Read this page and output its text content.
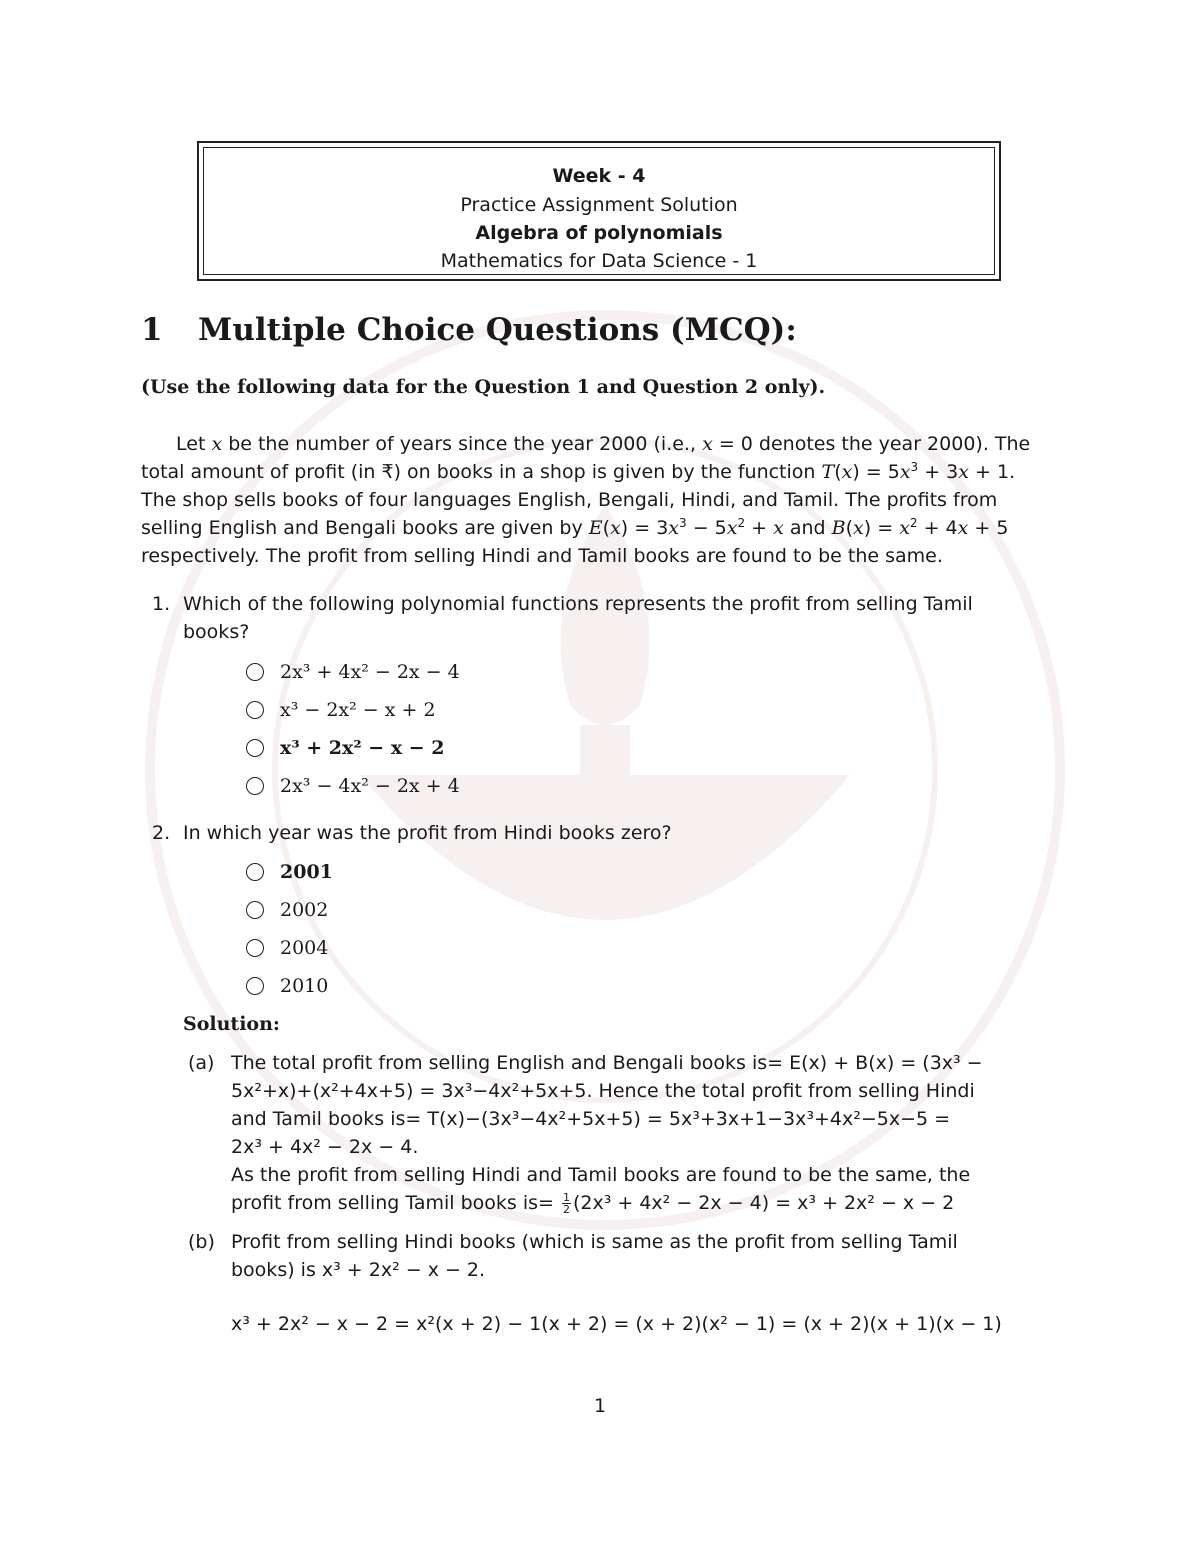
Week - 4
Practice Assignment Solution
Algebra of polynomials
Mathematics for Data Science - 1
1 Multiple Choice Questions (MCQ):
(Use the following data for the Question 1 and Question 2 only).
Let x be the number of years since the year 2000 (i.e., x = 0 denotes the year 2000). The
total amount of profit (in ₹) on books in a shop is given by the function $T(x) = 5x^3 + 3x + 1$.
The shop sells books of four languages English, Bengali, Hindi, and Tamil. The profits from
selling English and Bengali books are given by $E(x) = 3x^3 - 5x^2 + x$ and $B(x) = x^2 + 4x + 5$
respectively. The profit from selling Hindi and Tamil books are found to be the same.
1. Which of the following polynomial functions represents the profit from selling Tamil
books?
2x³ + 4x² − 2x − 4
x³ − 2x² − x + 2
x³ + 2x² − x − 2
2x³ − 4x² − 2x + 4
2. In which year was the profit from Hindi books zero?
2001
2002
2004
2010
Solution:
(a) The total profit from selling English and Bengali books is= E(x) + B(x) = (3x³ −
5x²+x)+(x²+4x+5) = 3x³−4x²+5x+5. Hence the total profit from selling Hindi
and Tamil books is= T(x)−(3x³−4x²+5x+5) = 5x³+3x+1−3x³+4x²−5x−5 =
2x³ + 4x² − 2x − 4.
As the profit from selling Hindi and Tamil books are found to be the same, the
profit from selling Tamil books $is= \frac{1}{2} (2x^3 + 4x^2 - 2x - 4) = x^3 + 2x^2 - x - 2$
(b) Profit from selling Hindi books (which is same as the profit from selling Tamil
books) is x³ + 2x² − x − 2.
x³ + 2x² − x − 2 = x²(x + 2) − 1(x + 2) = (x + 2)(x² − 1) = (x + 2)(x + 1)(x − 1)
1
